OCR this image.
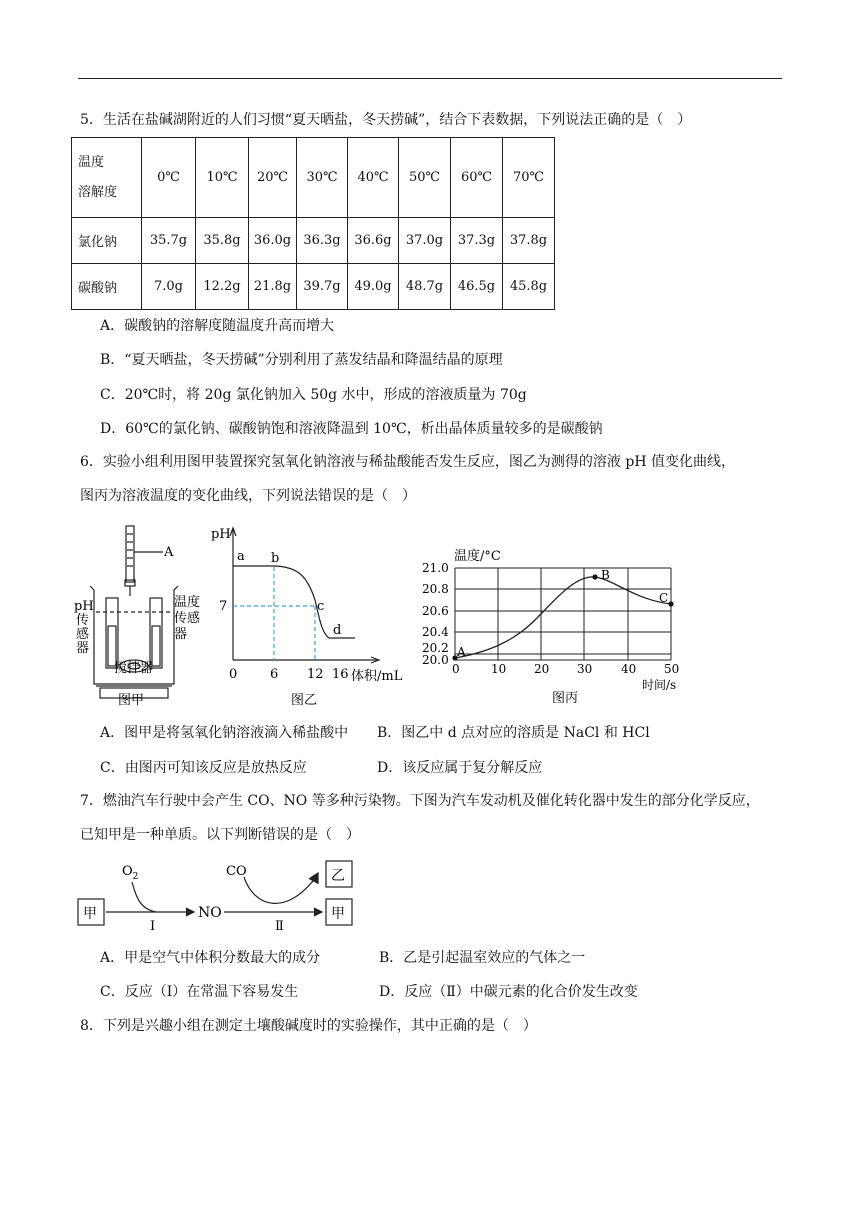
5．生活在盐碱湖附近的人们习惯“夏天晒盐，冬天捞碱”，结合下表数据，下列说法正确的是（　）
温度
溶解度	0℃	10℃	20℃	30℃	40℃	50℃	60℃	70℃
氯化钠	35.7g	35.8g	36.0g	36.3g	36.6g	37.0g	37.3g	37.8g
碳酸钠	7.0g	12.2g	21.8g	39.7g	49.0g	48.7g	46.5g	45.8g
A．碳酸钠的溶解度随温度升高而增大
B．“夏天晒盐，冬天捞碱”分别利用了蒸发结晶和降温结晶的原理
C．20℃时，将 20g 氯化钠加入 50g 水中，形成的溶液质量为 70g
D．60℃的氯化钠、碳酸钠饱和溶液降温到 10℃，析出晶体质量较多的是碳酸钠
6．实验小组利用图甲装置探究氢氧化钠溶液与稀盐酸能否发生反应，图乙为测得的溶液 pH 值变化曲线，
图丙为溶液温度的变化曲线，下列说法错误的是（　）
A
pH
传
感
器
温度
传感
器
搅拌器
图甲
pH
7
0	6 12 16 体积/mL
a b
c
d
图乙
温度/°C
21.0
20.8
20.6
20.4
20.2
20.0
0	10 20 30 40 50
时间/s
A
B
C
图丙
A．图甲是将氢氧化钠溶液滴入稀盐酸中 B．图乙中 d 点对应的溶质是 NaCl 和 HCl
C．由图丙可知该反应是放热反应	D．该反应属于复分解反应
7．燃油汽车行驶中会产生 CO、NO 等多种污染物。下图为汽车发动机及催化转化器中发生的部分化学反应，
已知甲是一种单质。以下判断错误的是（　）
甲
乙
甲
$O_2$
NO
CO
Ⅰ	Ⅱ
A．甲是空气中体积分数最大的成分	B．乙是引起温室效应的气体之一
C．反应（Ⅰ）在常温下容易发生	D．反应（Ⅱ）中碳元素的化合价发生改变
8．下列是兴趣小组在测定土壤酸碱度时的实验操作，其中正确的是（　）
